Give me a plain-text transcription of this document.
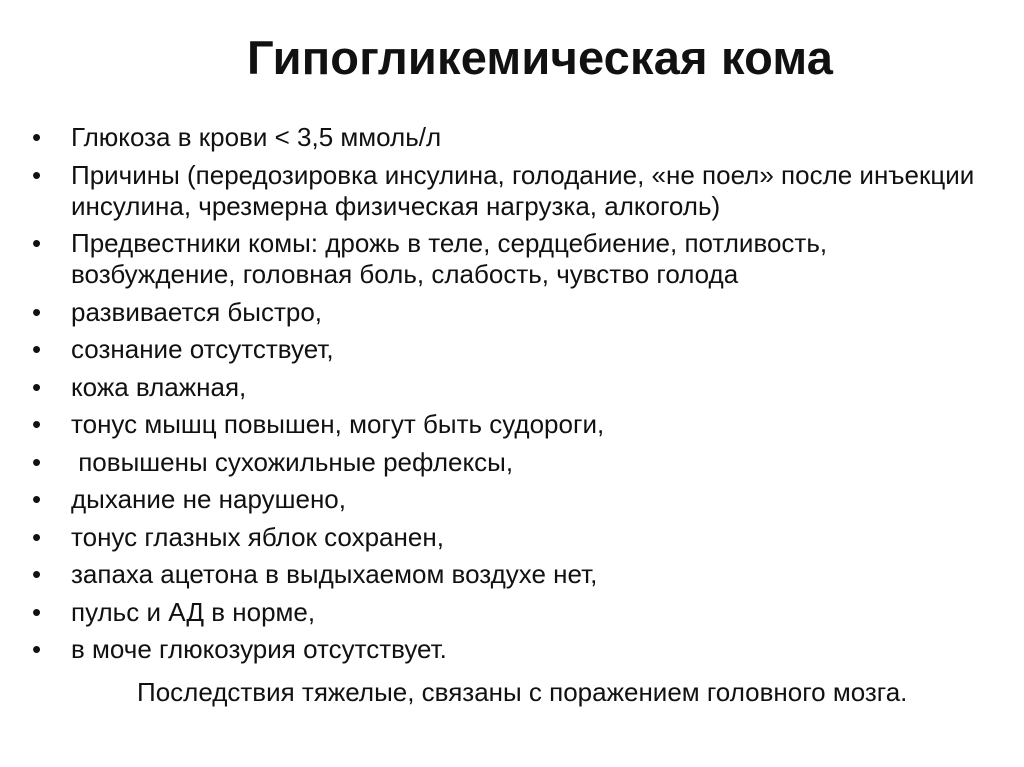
Гипогликемическая кома
•	Глюкоза в крови < 3,5 ммоль/л
•	Причины (передозировка инсулина, голодание, «не поел» после инъекции инсулина, чрезмерна физическая нагрузка, алкоголь)
•	Предвестники комы: дрожь в теле, сердцебиение, потливость, возбуждение, головная боль, слабость, чувство голода
•	развивается быстро,
•	сознание отсутствует,
•	кожа влажная,
•	тонус мышц повышен, могут быть судороги,
•	повышены сухожильные рефлексы,
•	дыхание не нарушено,
•	тонус глазных яблок сохранен,
•	запаха ацетона в выдыхаемом воздухе нет,
•	пульс и АД в норме,
•	в моче глюкозурия отсутствует.
Последствия тяжелые, связаны с поражением головного мозга.
